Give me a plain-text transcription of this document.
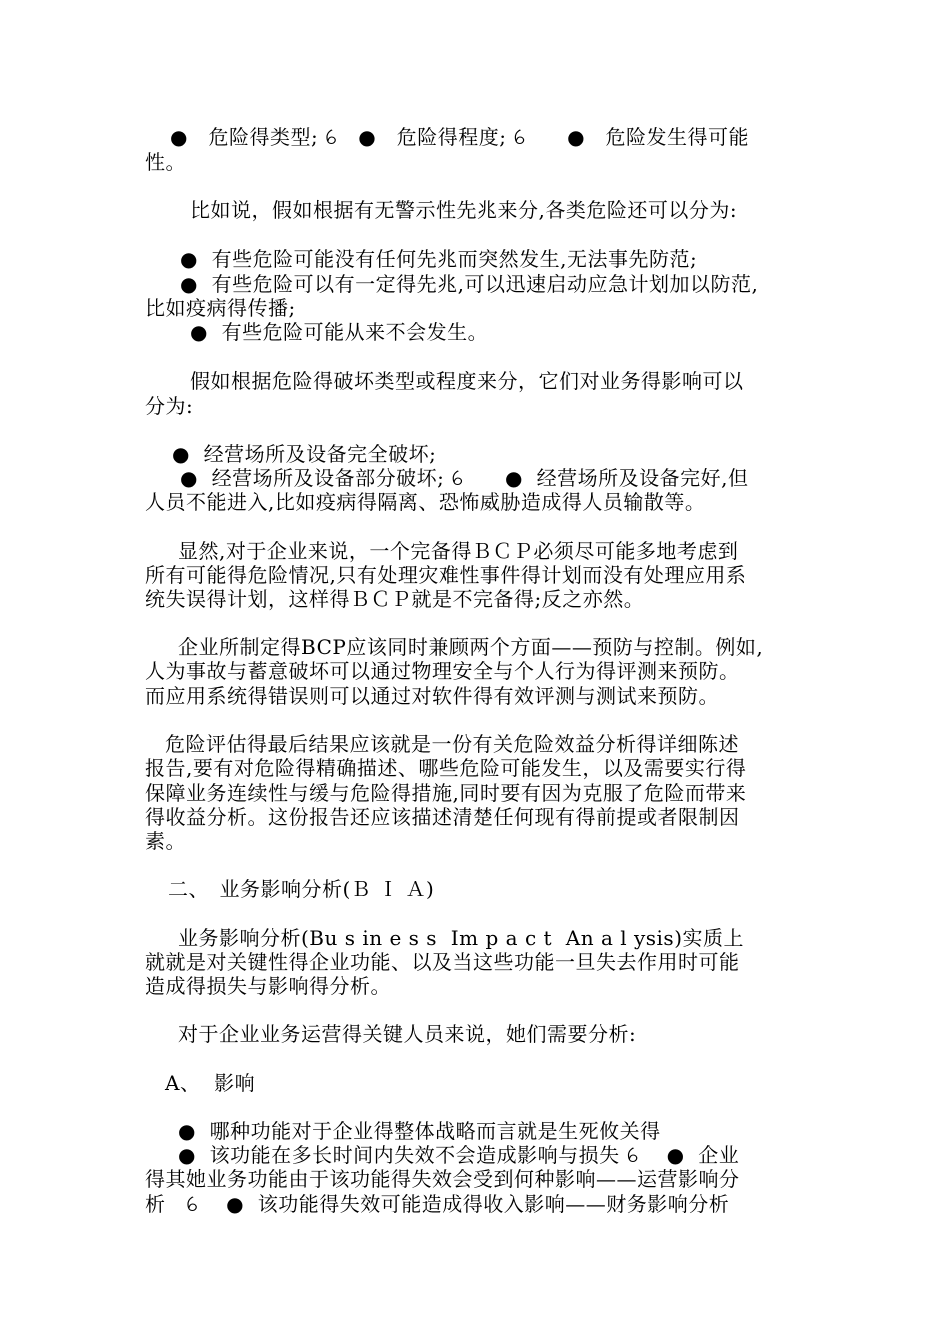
●　危险得类型; ꕃ　●　危险得程度; ꕃ　　●　危险发生得可能
性。
比如说，假如根据有无警示性先兆来分,各类危险还可以分为:
●  有些危险可能没有任何先兆而突然发生,无法事先防范;
●  有些危险可以有一定得先兆,可以迅速启动应急计划加以防范,
比如疫病得传播;
●  有些危险可能从来不会发生。
假如根据危险得破坏类型或程度来分，它们对业务得影响可以
分为:
●  经营场所及设备完全破坏;
●  经营场所及设备部分破坏; ꕃ　　●  经营场所及设备完好,但
人员不能进入,比如疫病得隔离、恐怖威胁造成得人员输散等。
显然,对于企业来说，一个完备得ＢＣＰ必须尽可能多地考虑到
所有可能得危险情况,只有处理灾难性事件得计划而没有处理应用系
统失误得计划，这样得ＢＣＰ就是不完备得;反之亦然。
企业所制定得BCP应该同时兼顾两个方面——预防与控制。例如,
人为事故与蓄意破坏可以通过物理安全与个人行为得评测来预防。
而应用系统得错误则可以通过对软件得有效评测与测试来预防。
危险评估得最后结果应该就是一份有关危险效益分析得详细陈述
报告,要有对危险得精确描述、哪些危险可能发生，以及需要实行得
保障业务连续性与缓与危险得措施,同时要有因为克服了危险而带来
得收益分析。这份报告还应该描述清楚任何现有得前提或者限制因
素。
二、　业务影响分析(Ｂ Ｉ Ａ)
业务影响分析(Bu s in e s s  Im p a c t  An a l ysis)实质上
就就是对关键性得企业功能、以及当这些功能一旦失去作用时可能
造成得损失与影响得分析。
对于企业业务运营得关键人员来说，她们需要分析:
A、  影响
●  哪种功能对于企业得整体战略而言就是生死攸关得
●  该功能在多长时间内失效不会造成影响与损失 ꕃ　 ●  企业
得其她业务功能由于该功能得失效会受到何种影响——运营影响分
析　ꕃ　 ●  该功能得失效可能造成得收入影响——财务影响分析
